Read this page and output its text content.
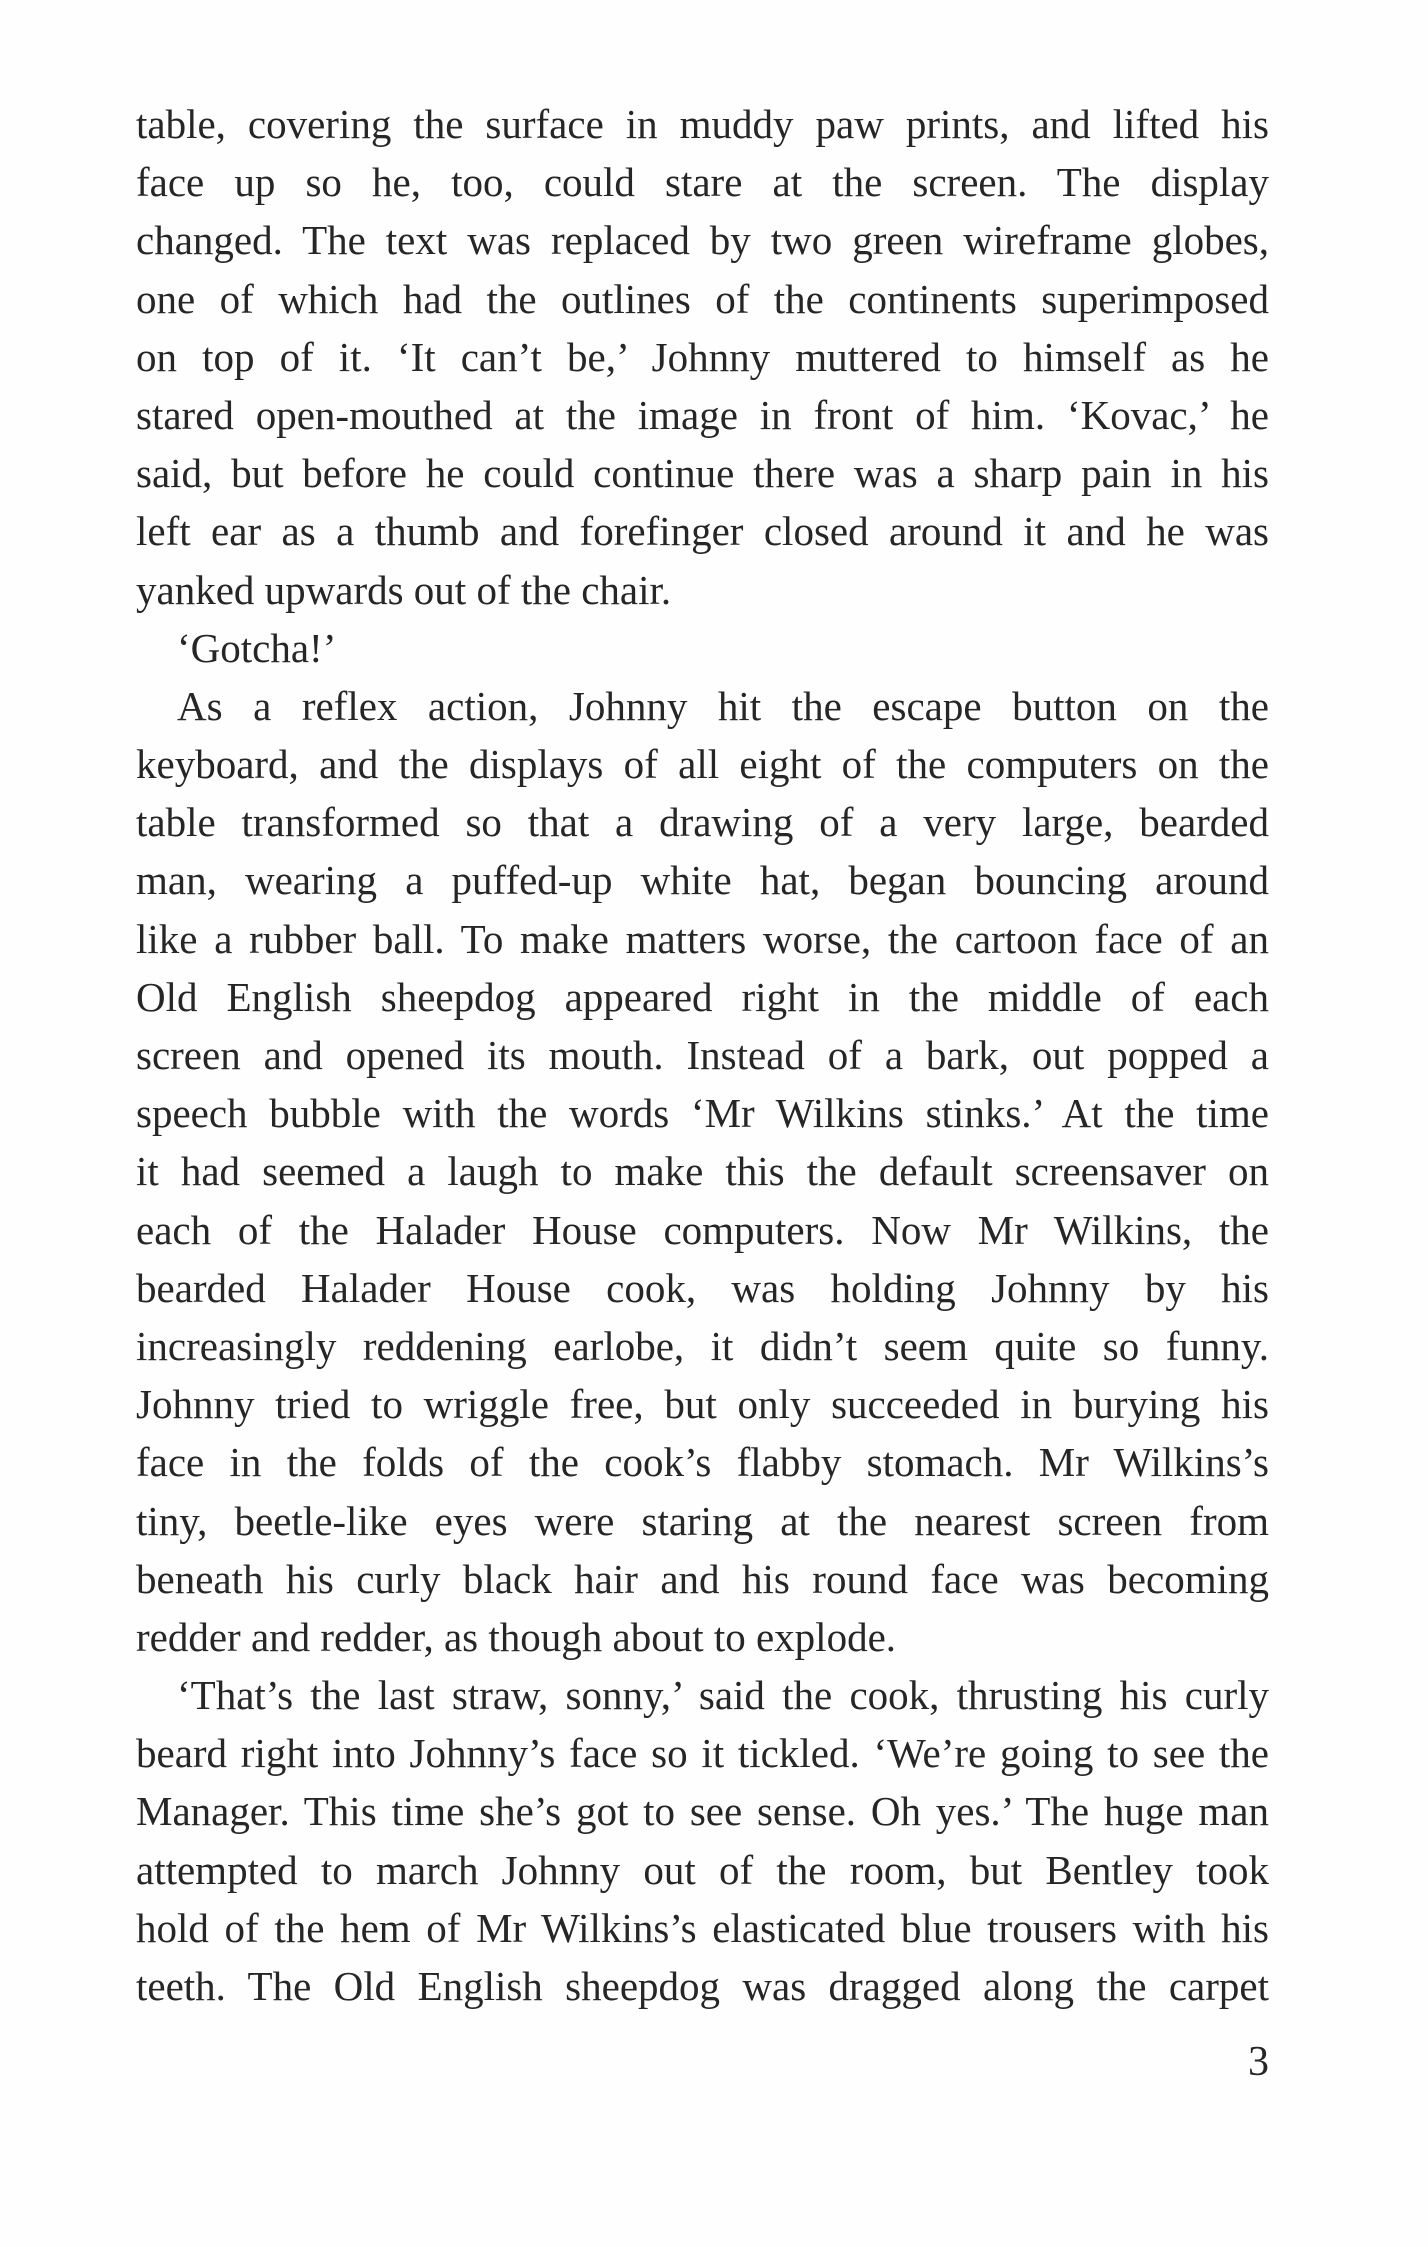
table, covering the surface in muddy paw prints, and lifted his
face up so he, too, could stare at the screen. The display
changed. The text was replaced by two green wireframe globes,
one of which had the outlines of the continents superimposed
on top of it. ‘It can’t be,’ Johnny muttered to himself as he
stared open-mouthed at the image in front of him. ‘Kovac,’ he
said, but before he could continue there was a sharp pain in his
left ear as a thumb and forefinger closed around it and he was
yanked upwards out of the chair.
‘Gotcha!’
As a reflex action, Johnny hit the escape button on the
keyboard, and the displays of all eight of the computers on the
table transformed so that a drawing of a very large, bearded
man, wearing a puffed-up white hat, began bouncing around
like a rubber ball. To make matters worse, the cartoon face of an
Old English sheepdog appeared right in the middle of each
screen and opened its mouth. Instead of a bark, out popped a
speech bubble with the words ‘Mr Wilkins stinks.’ At the time
it had seemed a laugh to make this the default screensaver on
each of the Halader House computers. Now Mr Wilkins, the
bearded Halader House cook, was holding Johnny by his
increasingly reddening earlobe, it didn’t seem quite so funny.
Johnny tried to wriggle free, but only succeeded in burying his
face in the folds of the cook’s flabby stomach. Mr Wilkins’s
tiny, beetle-like eyes were staring at the nearest screen from
beneath his curly black hair and his round face was becoming
redder and redder, as though about to explode.
‘That’s the last straw, sonny,’ said the cook, thrusting his curly
beard right into Johnny’s face so it tickled. ‘We’re going to see the
Manager. This time she’s got to see sense. Oh yes.’ The huge man
attempted to march Johnny out of the room, but Bentley took
hold of the hem of Mr Wilkins’s elasticated blue trousers with his
teeth. The Old English sheepdog was dragged along the carpet
3
